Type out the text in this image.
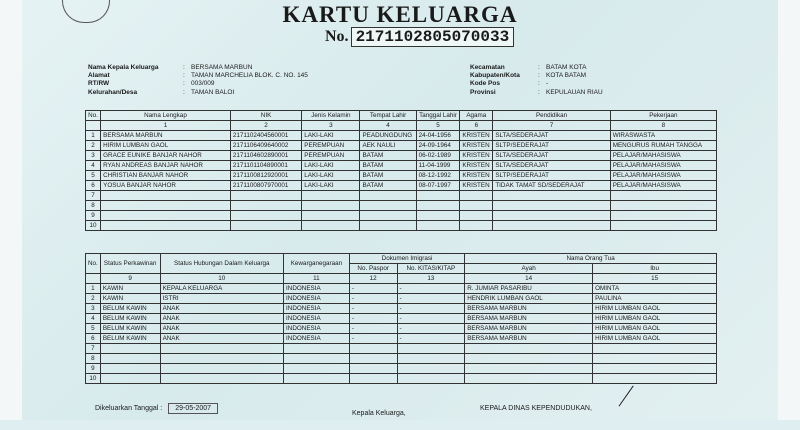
KARTU KELUARGA
No. 2171102805070033
Nama Kepala Keluarga	: BERSAMA MARBUN
Alamat	: TAMAN MARCHELIA BLOK. C. NO. 145
RT/RW	: 003/009
Kelurahan/Desa	: TAMAN BALOI
Kecamatan	: BATAM KOTA
Kabupaten/Kota	: KOTA BATAM
Kode Pos	: -
Provinsi	: KEPULAUAN RIAU
No.	Nama Lengkap	NIK	Jenis Kelamin	Tempat Lahir	Tanggal Lahir	Agama	Pendidikan	Pekerjaan
	1	2	3	4	5	6	7	8
1	BERSAMA MARBUN	2171102404560001	LAKI-LAKI	PEADUNGDUNG	24-04-1956	KRISTEN	SLTA/SEDERAJAT	WIRASWASTA
2	HIRIM LUMBAN GAOL	2171106409640002	PEREMPUAN	AEK NAULI	24-09-1964	KRISTEN	SLTP/SEDERAJAT	MENGURUS RUMAH TANGGA
3	GRACE EUNIKE BANJAR NAHOR	2171104602890001	PEREMPUAN	BATAM	06-02-1989	KRISTEN	SLTA/SEDERAJAT	PELAJAR/MAHASISWA
4	RYAN ANDREAS BANJAR NAHOR	2171101104890001	LAKI-LAKI	BATAM	11-04-1999	KRISTEN	SLTA/SEDERAJAT	PELAJAR/MAHASISWA
5	CHRISTIAN BANJAR NAHOR	2171100812920001	LAKI-LAKI	BATAM	08-12-1992	KRISTEN	SLTP/SEDERAJAT	PELAJAR/MAHASISWA
6	YOSUA BANJAR NAHOR	2171100807970001	LAKI-LAKI	BATAM	08-07-1997	KRISTEN	TIDAK TAMAT SD/SEDERAJAT	PELAJAR/MAHASISWA
7								
8								
9								
10								
No.	Status Perkawinan	Status Hubungan Dalam Keluarga	Kewarganegaraan	Dokumen Imigrasi		Nama Orang Tua	
				No. Paspor	No. KITAS/KITAP	Ayah	Ibu
	9	10	11	12	13	14	15
1	KAWIN	KEPALA KELUARGA	INDONESIA	-	-	R. JUMIAR PASARIBU	OMINTA
2	KAWIN	ISTRI	INDONESIA	-	-	HENDRIK LUMBAN GAOL	PAULINA
3	BELUM KAWIN	ANAK	INDONESIA	-	-	BERSAMA MARBUN	HIRIM LUMBAN GAOL
4	BELUM KAWIN	ANAK	INDONESIA	-	-	BERSAMA MARBUN	HIRIM LUMBAN GAOL
5	BELUM KAWIN	ANAK	INDONESIA	-	-	BERSAMA MARBUN	HIRIM LUMBAN GAOL
6	BELUM KAWIN	ANAK	INDONESIA	-	-	BERSAMA MARBUN	HIRIM LUMBAN GAOL
7							
8							
9							
10							
Dikeluarkan Tanggal : 29-05-2007
Kepala Keluarga,
KEPALA DINAS KEPENDUDUKAN,
